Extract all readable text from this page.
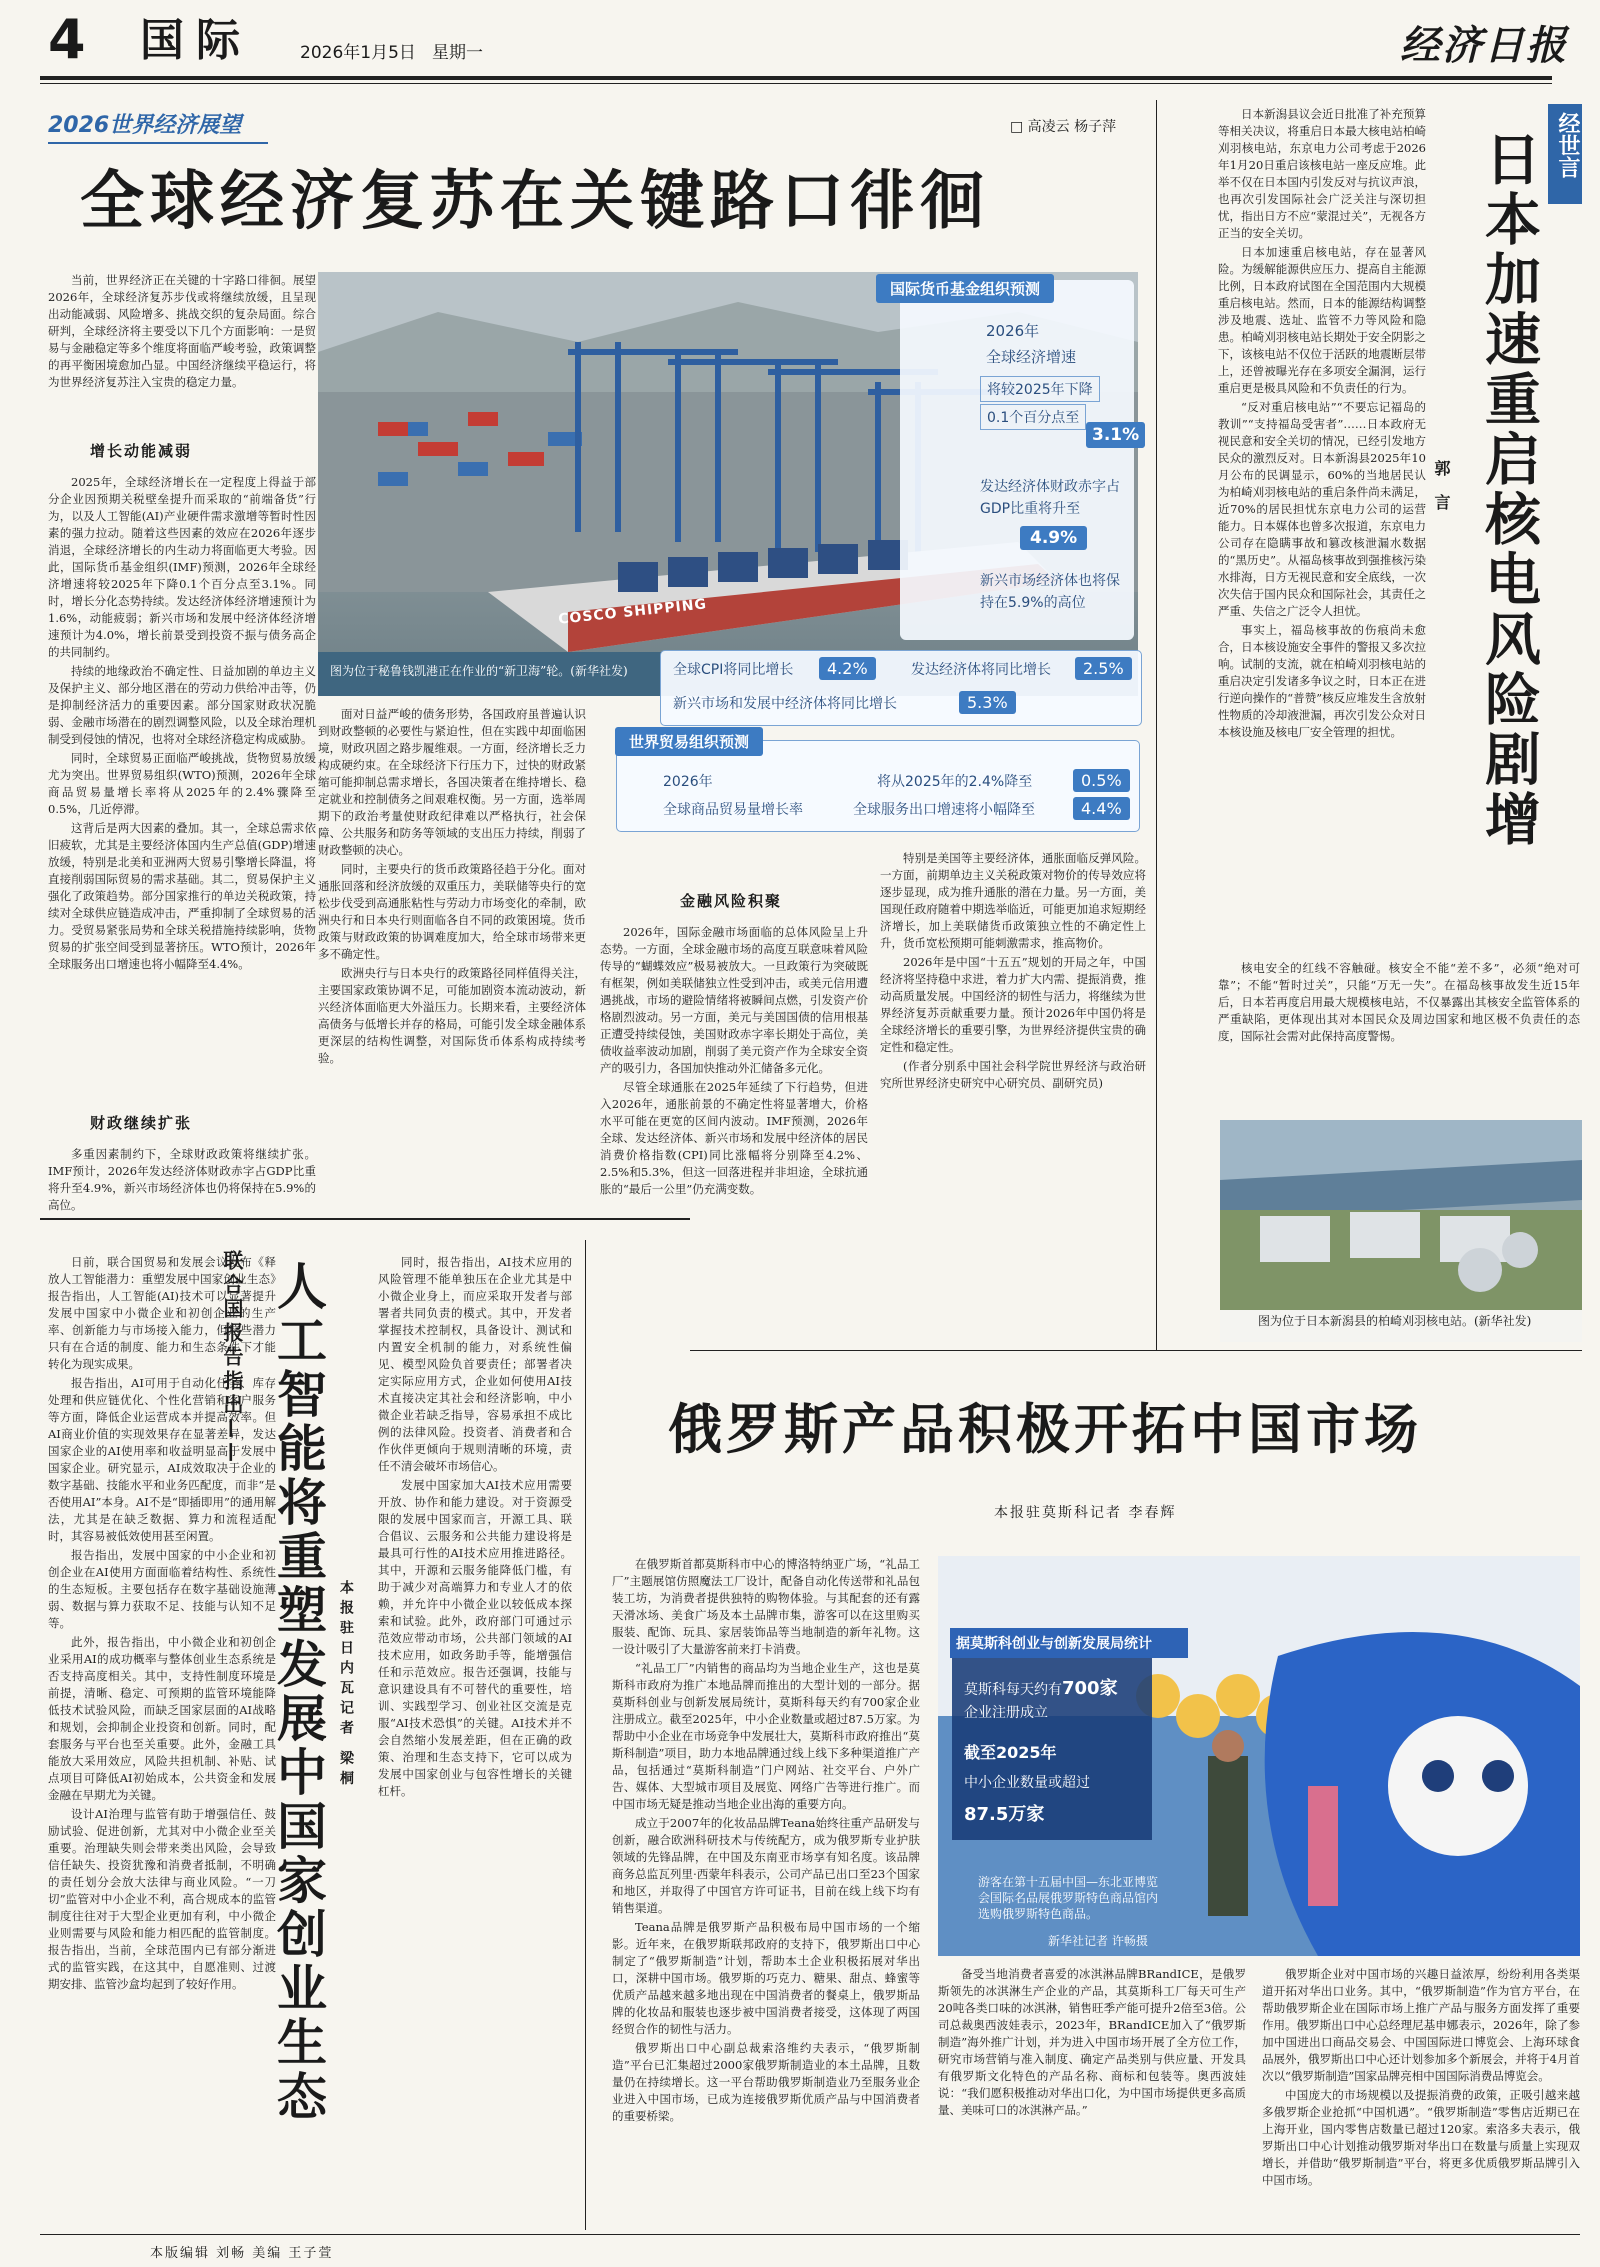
4 国际	2026年1月5日 星期一	经济日报
2026世界经济展望	□ 高凌云 杨子萍
全球经济复苏在关键路口徘徊

当前，世界经济正在关键的十字路口徘徊。展望2026年，全球经济复苏步伐或将继续放缓，且呈现出动能减弱、风险增多、挑战交织的复杂局面。综合研判，全球经济将主要受以下几个方面影响：一是贸易与金融稳定等多个维度将面临严峻考验，政策调整的再平衡困境愈加凸显。中国经济继续平稳运行，将为世界经济复苏注入宝贵的稳定力量。

增长动能减弱

2025年，全球经济增长在一定程度上得益于部分企业因预期关税壁垒提升而采取的“前端备货”行为，以及人工智能(AI)产业硬件需求激增等暂时性因素的强力拉动。随着这些因素的效应在2026年逐步消退，全球经济增长的内生动力将面临更大考验。因此，国际货币基金组织(IMF)预测，2026年全球经济增速将较2025年下降0.1个百分点至3.1%。同时，增长分化态势持续。发达经济体经济增速预计为1.6%，动能疲弱；新兴市场和发展中经济体经济增速预计为4.0%，增长前景受到投资不振与债务高企的共同制约。

持续的地缘政治不确定性、日益加剧的单边主义及保护主义、部分地区潜在的劳动力供给冲击等，仍是抑制经济活力的重要因素。部分国家财政状况脆弱、金融市场潜在的剧烈调整风险，以及全球治理机制受到侵蚀的情况，也将对全球经济稳定构成威胁。

同时，全球贸易正面临严峻挑战，货物贸易放缓尤为突出。世界贸易组织(WTO)预测，2026年全球商品贸易量增长率将从2025年的2.4%骤降至0.5%，几近停滞。

这背后是两大因素的叠加。其一，全球总需求依旧疲软，尤其是主要经济体国内生产总值(GDP)增速放缓，特别是北美和亚洲两大贸易引擎增长降温，将直接削弱国际贸易的需求基础。其二，贸易保护主义强化了政策趋势。部分国家推行的单边关税政策，持续对全球供应链造成冲击，严重抑制了全球贸易的活力。受贸易紧张局势和全球关税措施持续影响，货物贸易的扩张空间受到显著挤压。WTO预计，2026年全球服务出口增速也将小幅降至4.4%。

财政继续扩张

多重因素制约下，全球财政政策将继续扩张。IMF预计，2026年发达经济体财政赤字占GDP比重将升至4.9%，新兴市场经济体也仍将保持在5.9%的高位。

COSCO SHIPPING
图为位于秘鲁钱凯港正在作业的“新卫海”轮。(新华社发)
国际货币基金组织预测
2026年
全球经济增速
将较2025年下降
0.1个百分点至
3.1%
发达经济体财政赤字占GDP比重将升至
4.9%
新兴市场经济体也将保持在5.9%的高位
全球CPI将同比增长	4.2%	发达经济体将同比增长	2.5%
新兴市场和发展中经济体将同比增长	5.3%
世界贸易组织预测
2026年
全球商品贸易量增长率
将从2025年的2.4%降至	0.5%
全球服务出口增速将小幅降至	4.4%

面对日益严峻的债务形势，各国政府虽普遍认识到财政整顿的必要性与紧迫性，但在实践中却面临困境，财政巩固之路步履维艰。一方面，经济增长乏力构成硬约束。在全球经济下行压力下，过快的财政紧缩可能抑制总需求增长，各国决策者在维持增长、稳定就业和控制债务之间艰难权衡。另一方面，选举周期下的政治考量使财政纪律难以严格执行，社会保障、公共服务和防务等领域的支出压力持续，削弱了财政整顿的决心。

同时，主要央行的货币政策路径趋于分化。面对通胀回落和经济放缓的双重压力，美联储等央行的宽松步伐受到高通胀粘性与劳动力市场变化的牵制，欧洲央行和日本央行则面临各自不同的政策困境。货币政策与财政政策的协调难度加大，给全球市场带来更多不确定性。

欧洲央行与日本央行的政策路径同样值得关注，主要国家政策协调不足，可能加剧资本流动波动，新兴经济体面临更大外溢压力。长期来看，主要经济体高债务与低增长并存的格局，可能引发全球金融体系更深层的结构性调整，对国际货币体系构成持续考验。

金融风险积聚

2026年，国际金融市场面临的总体风险呈上升态势。一方面，全球金融市场的高度互联意味着风险传导的“蝴蝶效应”极易被放大。一旦政策行为突破既有框架，例如美联储独立性受到冲击，或美元信用遭遇挑战，市场的避险情绪将被瞬间点燃，引发资产价格剧烈波动。另一方面，美元与美国国债的信用根基正遭受持续侵蚀，美国财政赤字率长期处于高位，美债收益率波动加剧，削弱了美元资产作为全球安全资产的吸引力，各国加快推动外汇储备多元化。

尽管全球通胀在2025年延续了下行趋势，但进入2026年，通胀前景的不确定性将显著增大，价格水平可能在更宽的区间内波动。IMF预测，2026年全球、发达经济体、新兴市场和发展中经济体的居民消费价格指数(CPI)同比涨幅将分别降至4.2%、2.5%和5.3%，但这一回落进程并非坦途，全球抗通胀的“最后一公里”仍充满变数。

特别是美国等主要经济体，通胀面临反弹风险。一方面，前期单边主义关税政策对物价的传导效应将逐步显现，成为推升通胀的潜在力量。另一方面，美国现任政府随着中期选举临近，可能更加追求短期经济增长，加上美联储货币政策独立性的不确定性上升，货币宽松预期可能刺激需求，推高物价。

2026年是中国“十五五”规划的开局之年，中国经济将坚持稳中求进，着力扩大内需、提振消费，推动高质量发展。中国经济的韧性与活力，将继续为世界经济复苏贡献重要力量。预计2026年中国仍将是全球经济增长的重要引擎，为世界经济提供宝贵的确定性和稳定性。

(作者分别系中国社会科学院世界经济与政治研究所世界经济史研究中心研究员、副研究员)

经世言
日本加速重启核电风险剧增
郭言

日本新潟县议会近日批准了补充预算等相关决议，将重启日本最大核电站柏崎刈羽核电站，东京电力公司考虑于2026年1月20日重启该核电站一座反应堆。此举不仅在日本国内引发反对与抗议声浪，也再次引发国际社会广泛关注与深切担忧，指出日方不应“蒙混过关”，无视各方正当的安全关切。

日本加速重启核电站，存在显著风险。为缓解能源供应压力、提高自主能源比例，日本政府试图在全国范围内大规模重启核电站。然而，日本的能源结构调整涉及地震、选址、监管不力等风险和隐患。柏崎刈羽核电站长期处于安全阴影之下，该核电站不仅位于活跃的地震断层带上，还曾被曝光存在多项安全漏洞，运行重启更是极具风险和不负责任的行为。

“反对重启核电站”“不要忘记福岛的教训”“支持福岛受害者”……日本政府无视民意和安全关切的情况，已经引发地方民众的激烈反对。日本新潟县2025年10月公布的民调显示，60%的当地居民认为柏崎刈羽核电站的重启条件尚未满足，近70%的居民担忧东京电力公司的运营能力。日本媒体也曾多次报道，东京电力公司存在隐瞒事故和篡改核泄漏水数据的“黑历史”。从福岛核事故到强推核污染水排海，日方无视民意和安全底线，一次次失信于国内民众和国际社会，其责任之严重、失信之广泛令人担忧。

事实上，福岛核事故的伤痕尚未愈合，日本核设施安全事件的警报又多次拉响。试制的支流，就在柏崎刈羽核电站的重启决定引发诸多争议之时，日本正在进行逆向操作的“普赞”核反应堆发生含放射性物质的冷却液泄漏，再次引发公众对日本核设施及核电厂安全管理的担忧。

核电安全的红线不容触碰。核安全不能“差不多”，必须“绝对可靠”；不能“暂时过关”，只能“万无一失”。在福岛核事故发生近15年后，日本若再度启用最大规模核电站，不仅暴露出其核安全监管体系的严重缺陷，更体现出其对本国民众及周边国家和地区极不负责任的态度，国际社会需对此保持高度警惕。

图为位于日本新潟县的柏崎刈羽核电站。(新华社发)

日前，联合国贸易和发展会议发布《释放人工智能潜力：重塑发展中国家创业生态》报告指出，人工智能(AI)技术可以显著提升发展中国家中小微企业和初创企业的生产率、创新能力与市场接入能力，但这些潜力只有在合适的制度、能力和生态条件下才能转化为现实成果。

报告指出，AI可用于自动化任务、库存处理和供应链优化、个性化营销和客户服务等方面，降低企业运营成本并提高效率。但AI商业价值的实现效果存在显著差异，发达国家企业的AI使用率和收益明显高于发展中国家企业。研究显示，AI成效取决于企业的数字基础、技能水平和业务匹配度，而非“是否使用AI”本身。AI不是“即插即用”的通用解法，尤其是在缺乏数据、算力和流程适配时，其容易被低效使用甚至闲置。

报告指出，发展中国家的中小企业和初创企业在AI使用方面面临着结构性、系统性的生态短板。主要包括存在数字基础设施薄弱、数据与算力获取不足、技能与认知不足等。

此外，报告指出，中小微企业和初创企业采用AI的成功概率与整体创业生态系统是否支持高度相关。其中，支持性制度环境是前提，清晰、稳定、可预期的监管环境能降低技术试验风险，而缺乏国家层面的AI战略和规划，会抑制企业投资和创新。同时，配套服务与平台也至关重要。此外，金融工具能放大采用效应，风险共担机制、补贴、试点项目可降低AI初始成本，公共资金和发展金融在早期尤为关键。

设计AI治理与监管有助于增强信任、鼓励试验、促进创新，尤其对中小微企业至关重要。治理缺失则会带来类出风险，会导致信任缺失、投资犹豫和消费者抵制，不明确的责任划分会放大法律与商业风险。“一刀切”监管对中小企业不利，高合规成本的监管制度往往对于大型企业更加有利，中小微企业则需要与风险和能力相匹配的监管制度。报告指出，当前，全球范围内已有部分渐进式的监管实践，在这其中，自愿准则、过渡期安排、监管沙盒均起到了较好作用。

联合国报告指出—— 人工智能将重塑发展中国家创业生态 本报驻日内瓦记者 梁桐

同时，报告指出，AI技术应用的风险管理不能单独压在企业尤其是中小微企业身上，而应采取开发者与部署者共同负责的模式。其中，开发者掌握技术控制权，具备设计、测试和内置安全机制的能力，对系统性偏见、模型风险负首要责任；部署者决定实际应用方式，企业如何使用AI技术直接决定其社会和经济影响，中小微企业若缺乏指导，容易承担不成比例的法律风险。投资者、消费者和合作伙伴更倾向于规则清晰的环境，责任不清会破坏市场信心。

发展中国家加大AI技术应用需要开放、协作和能力建设。对于资源受限的发展中国家而言，开源工具、联合倡议、云服务和公共能力建设将是最具可行性的AI技术应用推进路径。其中，开源和云服务能降低门槛，有助于减少对高端算力和专业人才的依赖，并允许中小微企业以较低成本探索和试验。此外，政府部门可通过示范效应带动市场，公共部门领域的AI技术应用，如政务助手等，能增强信任和示范效应。报告还强调，技能与意识建设具有不可替代的重要性，培训、实践型学习、创业社区交流是克服“AI技术恐惧”的关键。AI技术并不会自然缩小发展差距，但在正确的政策、治理和生态支持下，它可以成为发展中国家创业与包容性增长的关键杠杆。

俄罗斯产品积极开拓中国市场
本报驻莫斯科记者 李春辉

在俄罗斯首都莫斯科市中心的博洛特纳亚广场，“礼品工厂”主题展馆仿照魔法工厂设计，配备自动化传送带和礼品包装工坊，为消费者提供独特的购物体验。与其配套的还有露天滑冰场、美食广场及本土品牌市集，游客可以在这里购买服装、配饰、玩具、家居装饰品等当地制造的新年礼物。这一设计吸引了大量游客前来打卡消费。

“礼品工厂”内销售的商品均为当地企业生产，这也是莫斯科市政府为推广本地品牌而推出的大型计划的一部分。据莫斯科创业与创新发展局统计，莫斯科每天约有700家企业注册成立。截至2025年，中小企业数量或超过87.5万家。为帮助中小企业在市场竞争中发展壮大，莫斯科市政府推出“莫斯科制造”项目，助力本地品牌通过线上线下多种渠道推广产品，包括通过“莫斯科制造”门户网站、社交平台、户外广告、媒体、大型城市项目及展览、网络广告等进行推广。而中国市场无疑是推动当地企业出海的重要方向。

成立于2007年的化妆品品牌Teana始终往重产品研发与创新，融合欧洲科研技术与传统配方，成为俄罗斯专业护肤领域的先锋品牌，在中国及东南亚市场享有知名度。该品牌商务总监瓦列里·西蒙年科表示，公司产品已出口至23个国家和地区，并取得了中国官方许可证书，目前在线上线下均有销售渠道。

Teana品牌是俄罗斯产品积极布局中国市场的一个缩影。近年来，在俄罗斯联邦政府的支持下，俄罗斯出口中心制定了“俄罗斯制造”计划，帮助本土企业积极拓展对华出口，深耕中国市场。俄罗斯的巧克力、糖果、甜点、蜂蜜等优质产品越来越多地出现在中国消费者的餐桌上，俄罗斯品牌的化妆品和服装也逐步被中国消费者接受，这体现了两国经贸合作的韧性与活力。

俄罗斯出口中心副总裁索洛维约夫表示，“俄罗斯制造”平台已汇集超过2000家俄罗斯制造业的本土品牌，且数量仍在持续增长。这一平台帮助俄罗斯制造业乃至服务业企业进入中国市场，已成为连接俄罗斯优质产品与中国消费者的重要桥梁。

据莫斯科创业与创新发展局统计
莫斯科每天约有700家
企业注册成立
截至2025年
中小企业数量或超过
87.5万家
游客在第十五届中国—东北亚博览会国际名品展俄罗斯特色商品馆内选购俄罗斯特色商品。
新华社记者 许畅摄

备受当地消费者喜爱的冰淇淋品牌BRandICE，是俄罗斯领先的冰淇淋生产企业的产品，其莫斯科工厂每天可生产20吨各类口味的冰淇淋，销售旺季产能可提升2倍至3倍。公司总裁奥西波娃表示，2023年，BRandICE加入了“俄罗斯制造”海外推广计划，并为进入中国市场开展了全方位工作，研究市场营销与准入制度、确定产品类别与供应量、开发具有俄罗斯文化特色的产品名称、商标和包装等。奥西波娃说：“我们愿积极推动对华出口化，为中国市场提供更多高质量、美味可口的冰淇淋产品。”

俄罗斯企业对中国市场的兴趣日益浓厚，纷纷利用各类渠道开拓对华出口业务。其中，“俄罗斯制造”作为官方平台，在帮助俄罗斯企业在国际市场上推广产品与服务方面发挥了重要作用。俄罗斯出口中心总经理尼基申娜表示，2026年，除了参加中国进出口商品交易会、中国国际进口博览会、上海环球食品展外，俄罗斯出口中心还计划参加多个新展会，并将于4月首次以“俄罗斯制造”国家品牌亮相中国国际消费品博览会。

中国庞大的市场规模以及提振消费的政策，正吸引越来越多俄罗斯企业抢抓“中国机遇”。“俄罗斯制造”零售店近期已在上海开业，国内零售店数量已超过120家。索洛多夫表示，俄罗斯出口中心计划推动俄罗斯对华出口在数量与质量上实现双增长，并借助“俄罗斯制造”平台，将更多优质俄罗斯品牌引入中国市场。

本版编辑 刘畅 美编 王子萱
